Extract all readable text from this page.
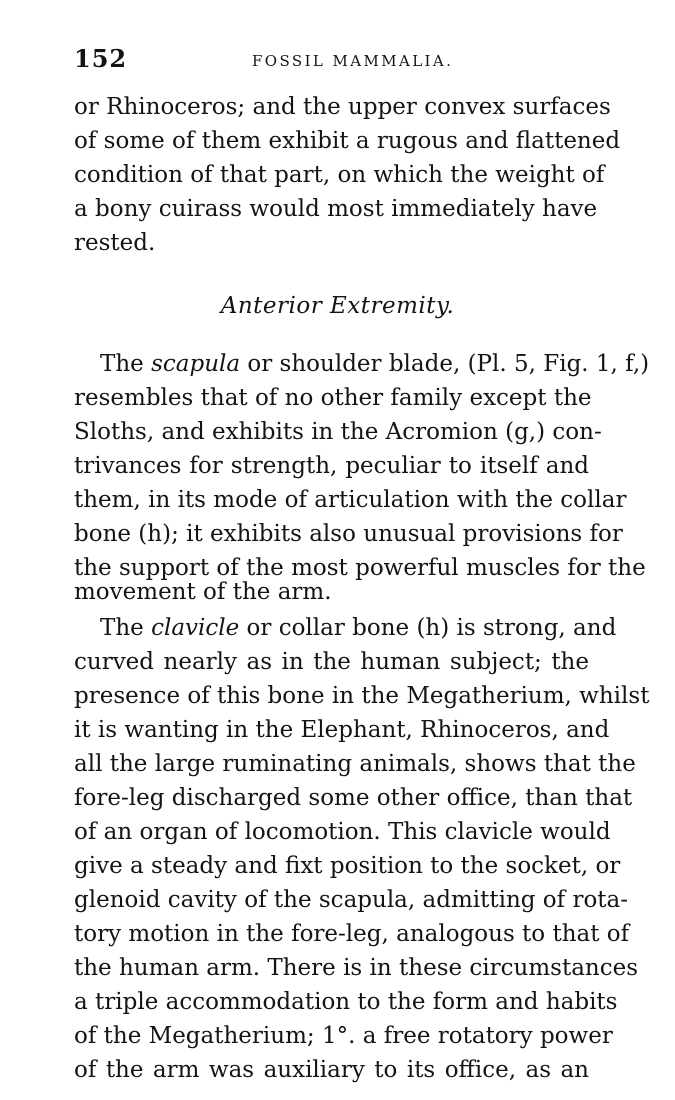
152	FOSSIL MAMMALIA.
or Rhinoceros; and the upper convex surfaces
of some of them exhibit a rugous and flattened
condition of that part, on which the weight of
a bony cuirass would most immediately have
rested.
Anterior Extremity.
The scapula or shoulder blade, (Pl. 5, Fig. 1, f,)
resembles that of no other family except the
Sloths, and exhibits in the Acromion (g,) con-
trivances for strength, peculiar to itself and
them, in its mode of articulation with the collar
bone (h); it exhibits also unusual provisions for
the support of the most powerful muscles for the
movement of the arm.
The clavicle or collar bone (h) is strong, and
curved nearly as in the human subject; the
presence of this bone in the Megatherium, whilst
it is wanting in the Elephant, Rhinoceros, and
all the large ruminating animals, shows that the
fore-leg discharged some other office, than that
of an organ of locomotion. This clavicle would
give a steady and fixt position to the socket, or
glenoid cavity of the scapula, admitting of rota-
tory motion in the fore-leg, analogous to that of
the human arm. There is in these circumstances
a triple accommodation to the form and habits
of the Megatherium; 1°. a free rotatory power
of the arm was auxiliary to its office, as an
